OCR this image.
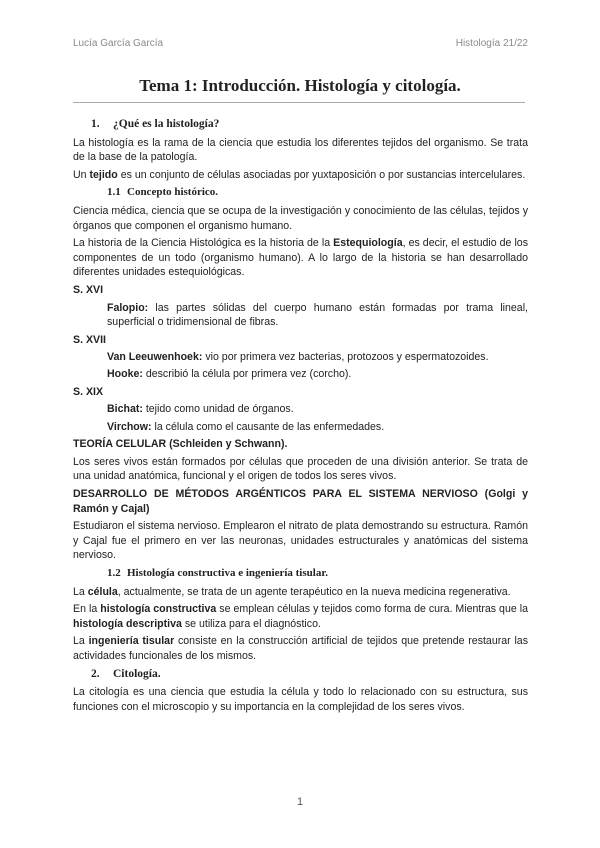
Lucía García García	Histología 21/22
Tema 1: Introducción. Histología y citología.
1. ¿Qué es la histología?

La histología es la rama de la ciencia que estudia los diferentes tejidos del organismo. Se trata de la base de la patología.

Un tejido es un conjunto de células asociadas por yuxtaposición o por sustancias intercelulares.

1.1 Concepto histórico.

Ciencia médica, ciencia que se ocupa de la investigación y conocimiento de las células, tejidos y órganos que componen el organismo humano.

La historia de la Ciencia Histológica es la historia de la Estequiología, es decir, el estudio de los componentes de un todo (organismo humano). A lo largo de la historia se han desarrollado diferentes unidades estequiológicas.

S. XVI

Falopio: las partes sólidas del cuerpo humano están formadas por trama lineal, superficial o tridimensional de fibras.

S. XVII

Van Leeuwenhoek: vio por primera vez bacterias, protozoos y espermatozoides.

Hooke: describió la célula por primera vez (corcho).

S. XIX

Bichat: tejido como unidad de órganos.

Virchow: la célula como el causante de las enfermedades.

TEORÍA CELULAR (Schleiden y Schwann).

Los seres vivos están formados por células que proceden de una división anterior. Se trata de una unidad anatómica, funcional y el origen de todos los seres vivos.

DESARROLLO DE MÉTODOS ARGÉNTICOS PARA EL SISTEMA NERVIOSO (Golgi y Ramón y Cajal)

Estudiaron el sistema nervioso. Emplearon el nitrato de plata demostrando su estructura. Ramón y Cajal fue el primero en ver las neuronas, unidades estructurales y anatómicas del sistema nervioso.

1.2 Histología constructiva e ingeniería tisular.

La célula, actualmente, se trata de un agente terapéutico en la nueva medicina regenerativa.

En la histología constructiva se emplean células y tejidos como forma de cura. Mientras que la histología descriptiva se utiliza para el diagnóstico.

La ingeniería tisular consiste en la construcción artificial de tejidos que pretende restaurar las actividades funcionales de los mismos.

2. Citología.

La citología es una ciencia que estudia la célula y todo lo relacionado con su estructura, sus funciones con el microscopio y su importancia en la complejidad de los seres vivos.

1
